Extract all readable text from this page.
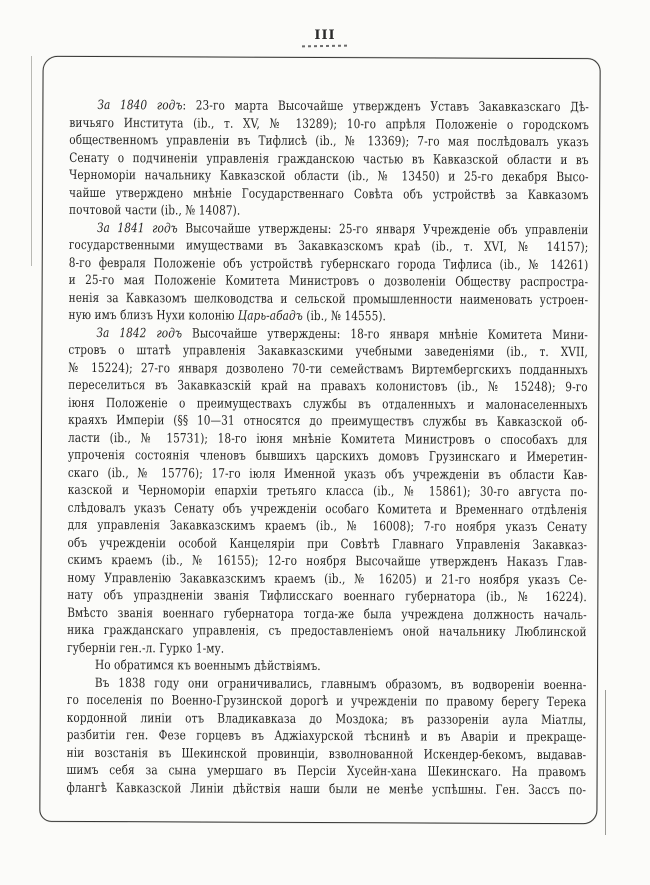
III
За 1840 годъ: 23-го марта Высочайше утвержденъ Уставъ Закавказскаго Дѣ-
вичьяго Института (ib., т. XV, № 13289); 10-го апрѣля Положеніе о городскомъ
общественномъ управленіи въ Тифлисѣ (ib., № 13369); 7-го мая послѣдовалъ указъ
Сенату о подчиненіи управленія гражданскою частью въ Кавказской области и въ
Черноморіи начальнику Кавказской области (ib., № 13450) и 25-го декабря Высо-
чайше утверждено мнѣніе Государственнаго Совѣта объ устройствѣ за Кавказомъ
почтовой части (ib., № 14087).
За 1841 годъ Высочайше утверждены: 25-го января Учрежденіе объ управленіи
государственными имуществами въ Закавказскомъ краѣ (ib., т. XVI, № 14157);
8-го февраля Положеніе объ устройствѣ губернскаго города Тифлиса (ib., № 14261)
и 25-го мая Положеніе Комитета Министровъ о дозволеніи Обществу распростра-
ненія за Кавказомъ шелководства и сельской промышленности наименовать устроен-
ную имъ близъ Нухи колонію Царь-абадъ (ib., № 14555).
За 1842 годъ Высочайше утверждены: 18-го января мнѣніе Комитета Мини-
стровъ о штатѣ управленія Закавказскими учебными заведеніями (ib., т. XVII,
№ 15224); 27-го января дозволено 70-ти семействамъ Виртембергскихъ подданныхъ
переселиться въ Закавказскій край на правахъ колонистовъ (ib., № 15248); 9-го
іюня Положеніе о преимуществахъ службы въ отдаленныхъ и малонаселенныхъ
краяхъ Имперіи (§§ 10—31 относятся до преимуществъ службы въ Кавказской об-
ласти (ib., № 15731); 18-го іюня мнѣніе Комитета Министровъ о способахъ для
упроченія состоянія членовъ бывшихъ царскихъ домовъ Грузинскаго и Имеретин-
скаго (ib., № 15776); 17-го іюля Именной указъ объ учрежденіи въ области Кав-
казской и Черноморіи епархіи третьяго класса (ib., № 15861); 30-го августа по-
слѣдовалъ указъ Сенату объ учрежденіи особаго Комитета и Временнаго отдѣленія
для управленія Закавказскимъ краемъ (ib., № 16008); 7-го ноября указъ Сенату
объ учрежденіи особой Канцеляріи при Совѣтѣ Главнаго Управленія Закавказ-
скимъ краемъ (ib., № 16155); 12-го ноября Высочайше утвержденъ Наказъ Глав-
ному Управленію Закавказскимъ краемъ (ib., № 16205) и 21-го ноября указъ Се-
нату объ упраздненіи званія Тифлисскаго военнаго губернатора (ib., № 16224).
Вмѣсто званія военнаго губернатора тогда-же была учреждена должность началь-
ника гражданскаго управленія, съ предоставленіемъ оной начальнику Люблинской
губерніи ген.-л. Гурко 1-му.
Но обратимся къ военнымъ дѣйствіямъ.
Въ 1838 году они ограничивались, главнымъ образомъ, въ водвореніи военна-
го поселенія по Военно-Грузинской дорогѣ и учрежденіи по правому берегу Терека
кордонной линіи отъ Владикавказа до Моздока; въ раззореніи аула Міатлы,
разбитіи ген. Фезе горцевъ въ Аджіахурской тѣснинѣ и въ Аваріи и прекраще-
ніи возстанія въ Шекинской провинціи, взволнованной Искендер-бекомъ, выдавав-
шимъ себя за сына умершаго въ Персіи Хусейн-хана Шекинскаго. На правомъ
флангѣ Кавказской Линіи дѣйствія наши были не менѣе успѣшны. Ген. Зассъ по-
